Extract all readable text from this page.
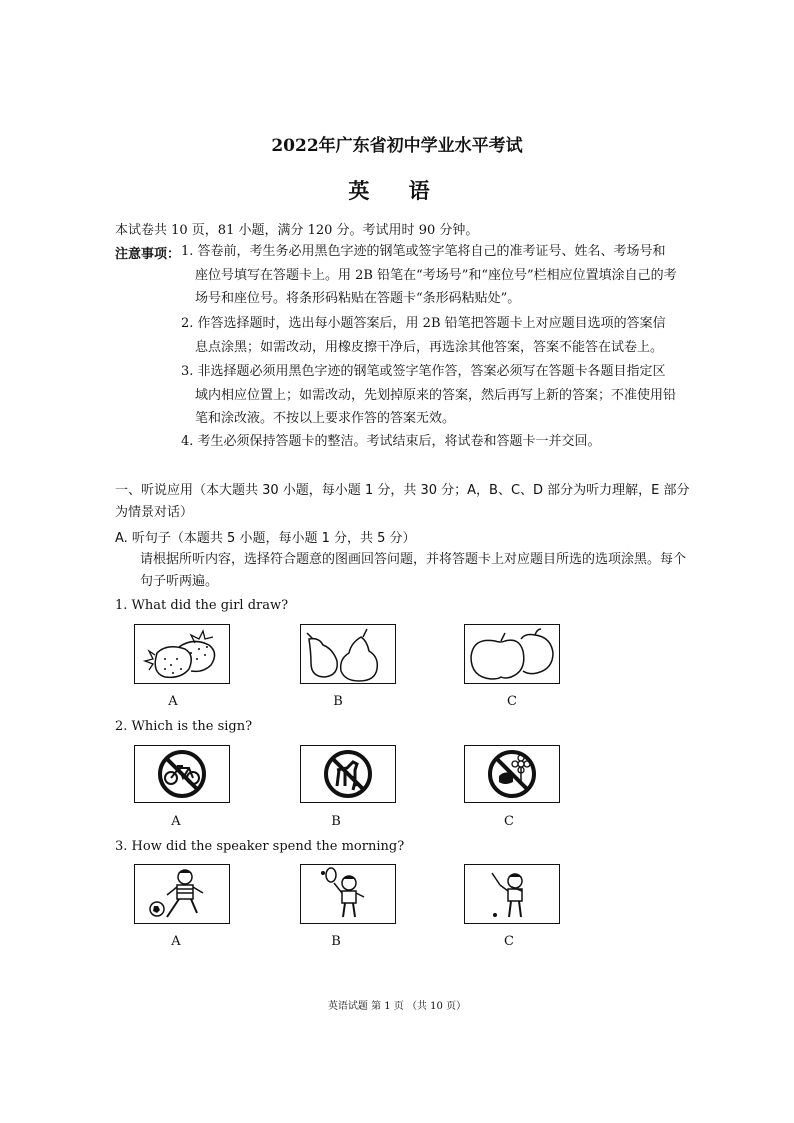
2022年广东省初中学业水平考试
英 语
本试卷共 10 页，81 小题，满分 120 分。考试用时 90 分钟。
注意事项： 1. 答卷前，考生务必用黑色字迹的钢笔或签字笔将自己的准考证号、姓名、考场号和
座位号填写在答题卡上。用 2B 铅笔在“考场号”和“座位号”栏相应位置填涂自己的考场号和座位号。将条形码粘贴在答题卡“条形码粘贴处”。
2. 作答选择题时，选出每小题答案后，用 2B 铅笔把答题卡上对应题目选项的答案信
息点涂黑；如需改动，用橡皮擦干净后，再选涂其他答案，答案不能答在试卷上。
3. 非选择题必须用黑色字迹的钢笔或签字笔作答，答案必须写在答题卡各题目指定区
域内相应位置上；如需改动，先划掉原来的答案，然后再写上新的答案；不准使用铅笔和涂改液。不按以上要求作答的答案无效。
4. 考生必须保持答题卡的整洁。考试结束后，将试卷和答题卡一并交回。
一、听说应用（本大题共 30 小题，每小题 1 分，共 30 分；A，B、C、D 部分为听力理解，E 部分为情景对话）
A. 听句子（本题共 5 小题，每小题 1 分，共 5 分）
请根据所听内容，选择符合题意的图画回答问题，并将答题卡上对应题目所选的选项涂黑。每个句子听两遍。
1. What did the girl draw?
A	B	C
2. Which is the sign?
A	B	C
3. How did the speaker spend the morning?
A	B	C
英语试题 第 1 页 （共 10 页）
